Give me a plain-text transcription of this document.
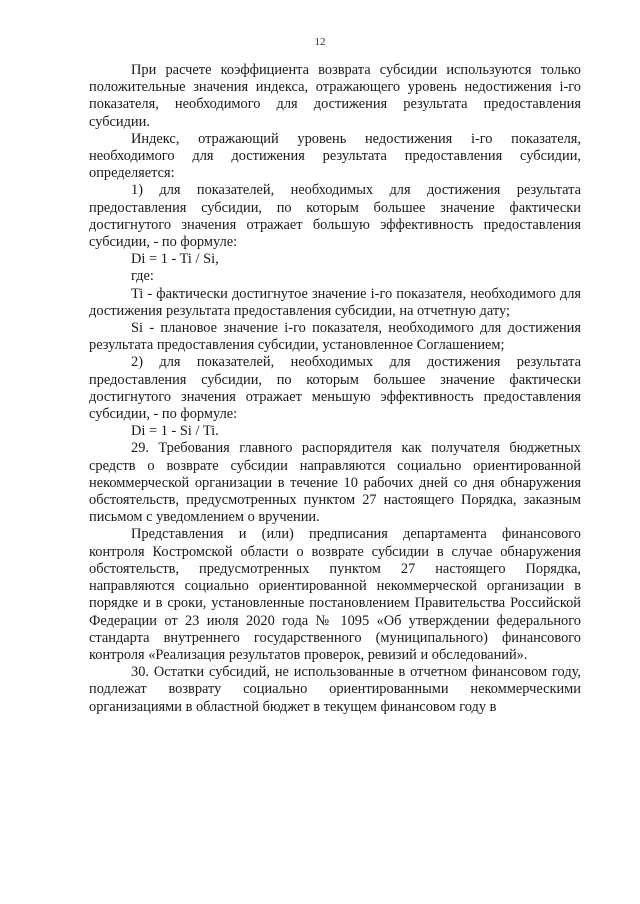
12

При расчете коэффициента возврата субсидии используются только положительные значения индекса, отражающего уровень недостижения i-го показателя, необходимого для достижения результата предоставления субсидии.

Индекс, отражающий уровень недостижения i-го показателя, необходимого для достижения результата предоставления субсидии, определяется:

1) для показателей, необходимых для достижения результата предоставления субсидии, по которым большее значение фактически достигнутого значения отражает большую эффективность предоставления субсидии, - по формуле:

Di = 1 - Ti / Si,

где:

Ti - фактически достигнутое значение i-го показателя, необходимого для достижения результата предоставления субсидии, на отчетную дату;

Si - плановое значение i-го показателя, необходимого для достижения результата предоставления субсидии, установленное Соглашением;

2) для показателей, необходимых для достижения результата предоставления субсидии, по которым большее значение фактически достигнутого значения отражает меньшую эффективность предоставления субсидии, - по формуле:

Di = 1 - Si / Ti.

29. Требования главного распорядителя как получателя бюджетных средств о возврате субсидии направляются социально ориентированной некоммерческой организации в течение 10 рабочих дней со дня обнаружения обстоятельств, предусмотренных пунктом 27 настоящего Порядка, заказным письмом с уведомлением о вручении.

Представления и (или) предписания департамента финансового контроля Костромской области о возврате субсидии в случае обнаружения обстоятельств, предусмотренных пунктом 27 настоящего Порядка, направляются социально ориентированной некоммерческой организации в порядке и в сроки, установленные постановлением Правительства Российской Федерации от 23 июля 2020 года № 1095 «Об утверждении федерального стандарта внутреннего государственного (муниципального) финансового контроля «Реализация результатов проверок, ревизий и обследований».

30. Остатки субсидий, не использованные в отчетном финансовом году, подлежат возврату социально ориентированными некоммерческими организациями в областной бюджет в текущем финансовом году в
